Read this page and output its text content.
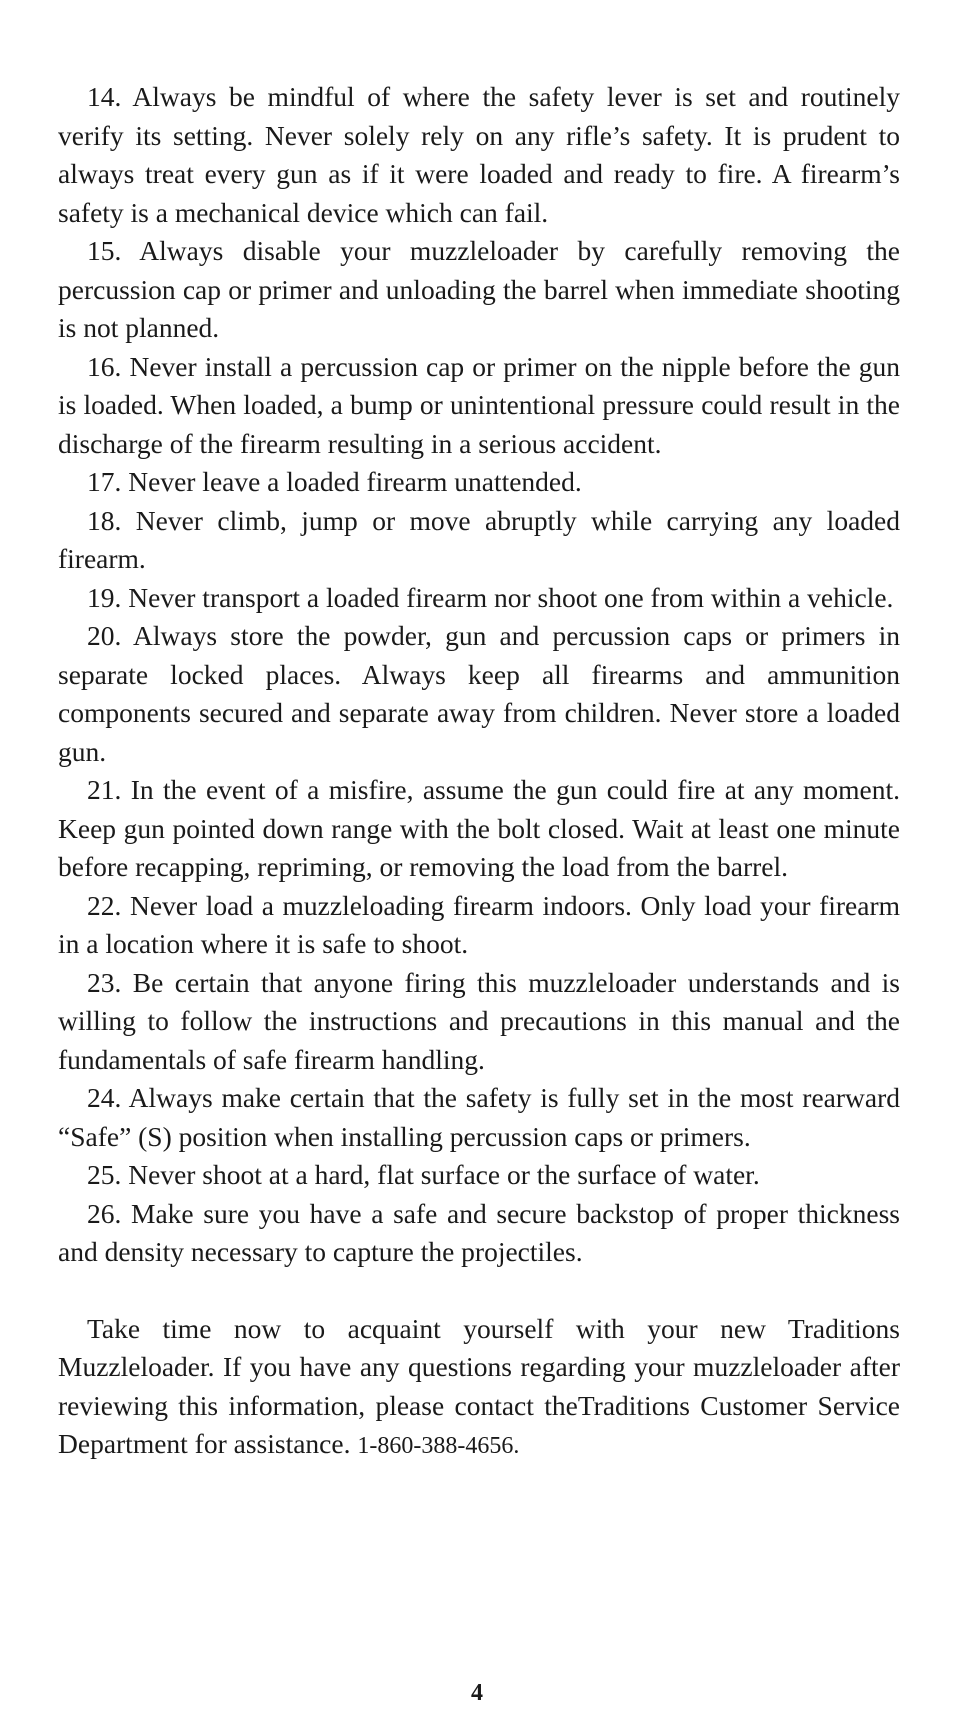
14. Always be mindful of where the safety lever is set and routinely verify its setting. Never solely rely on any rifle’s safety. It is prudent to always treat every gun as if it were loaded and ready to fire. A firearm’s safety is a mechanical device which can fail.

15. Always disable your muzzleloader by carefully removing the percussion cap or primer and unloading the barrel when immediate shooting is not planned.

16. Never install a percussion cap or primer on the nipple before the gun is loaded. When loaded, a bump or unintentional pressure could result in the discharge of the firearm resulting in a serious accident.

17. Never leave a loaded firearm unattended.

18. Never climb, jump or move abruptly while carrying any loaded firearm.

19. Never transport a loaded firearm nor shoot one from within a vehicle.

20. Always store the powder, gun and percussion caps or primers in separate locked places. Always keep all firearms and ammunition components secured and separate away from children. Never store a loaded gun.

21. In the event of a misfire, assume the gun could fire at any moment. Keep gun pointed down range with the bolt closed. Wait at least one minute before recapping, repriming, or removing the load from the barrel.

22. Never load a muzzleloading firearm indoors. Only load your firearm in a location where it is safe to shoot.

23. Be certain that anyone firing this muzzleloader understands and is willing to follow the instructions and precautions in this manual and the fundamentals of safe firearm handling.

24. Always make certain that the safety is fully set in the most rearward “Safe” (S) position when installing percussion caps or primers.

25. Never shoot at a hard, flat surface or the surface of water.

26. Make sure you have a safe and secure backstop of proper thickness and density necessary to capture the projectiles.

Take time now to acquaint yourself with your new Traditions Muzzleloader. If you have any questions regarding your muzzleloader after reviewing this information, please contact theTraditions Customer Service Department for assistance. 1-860-388-4656.

4
